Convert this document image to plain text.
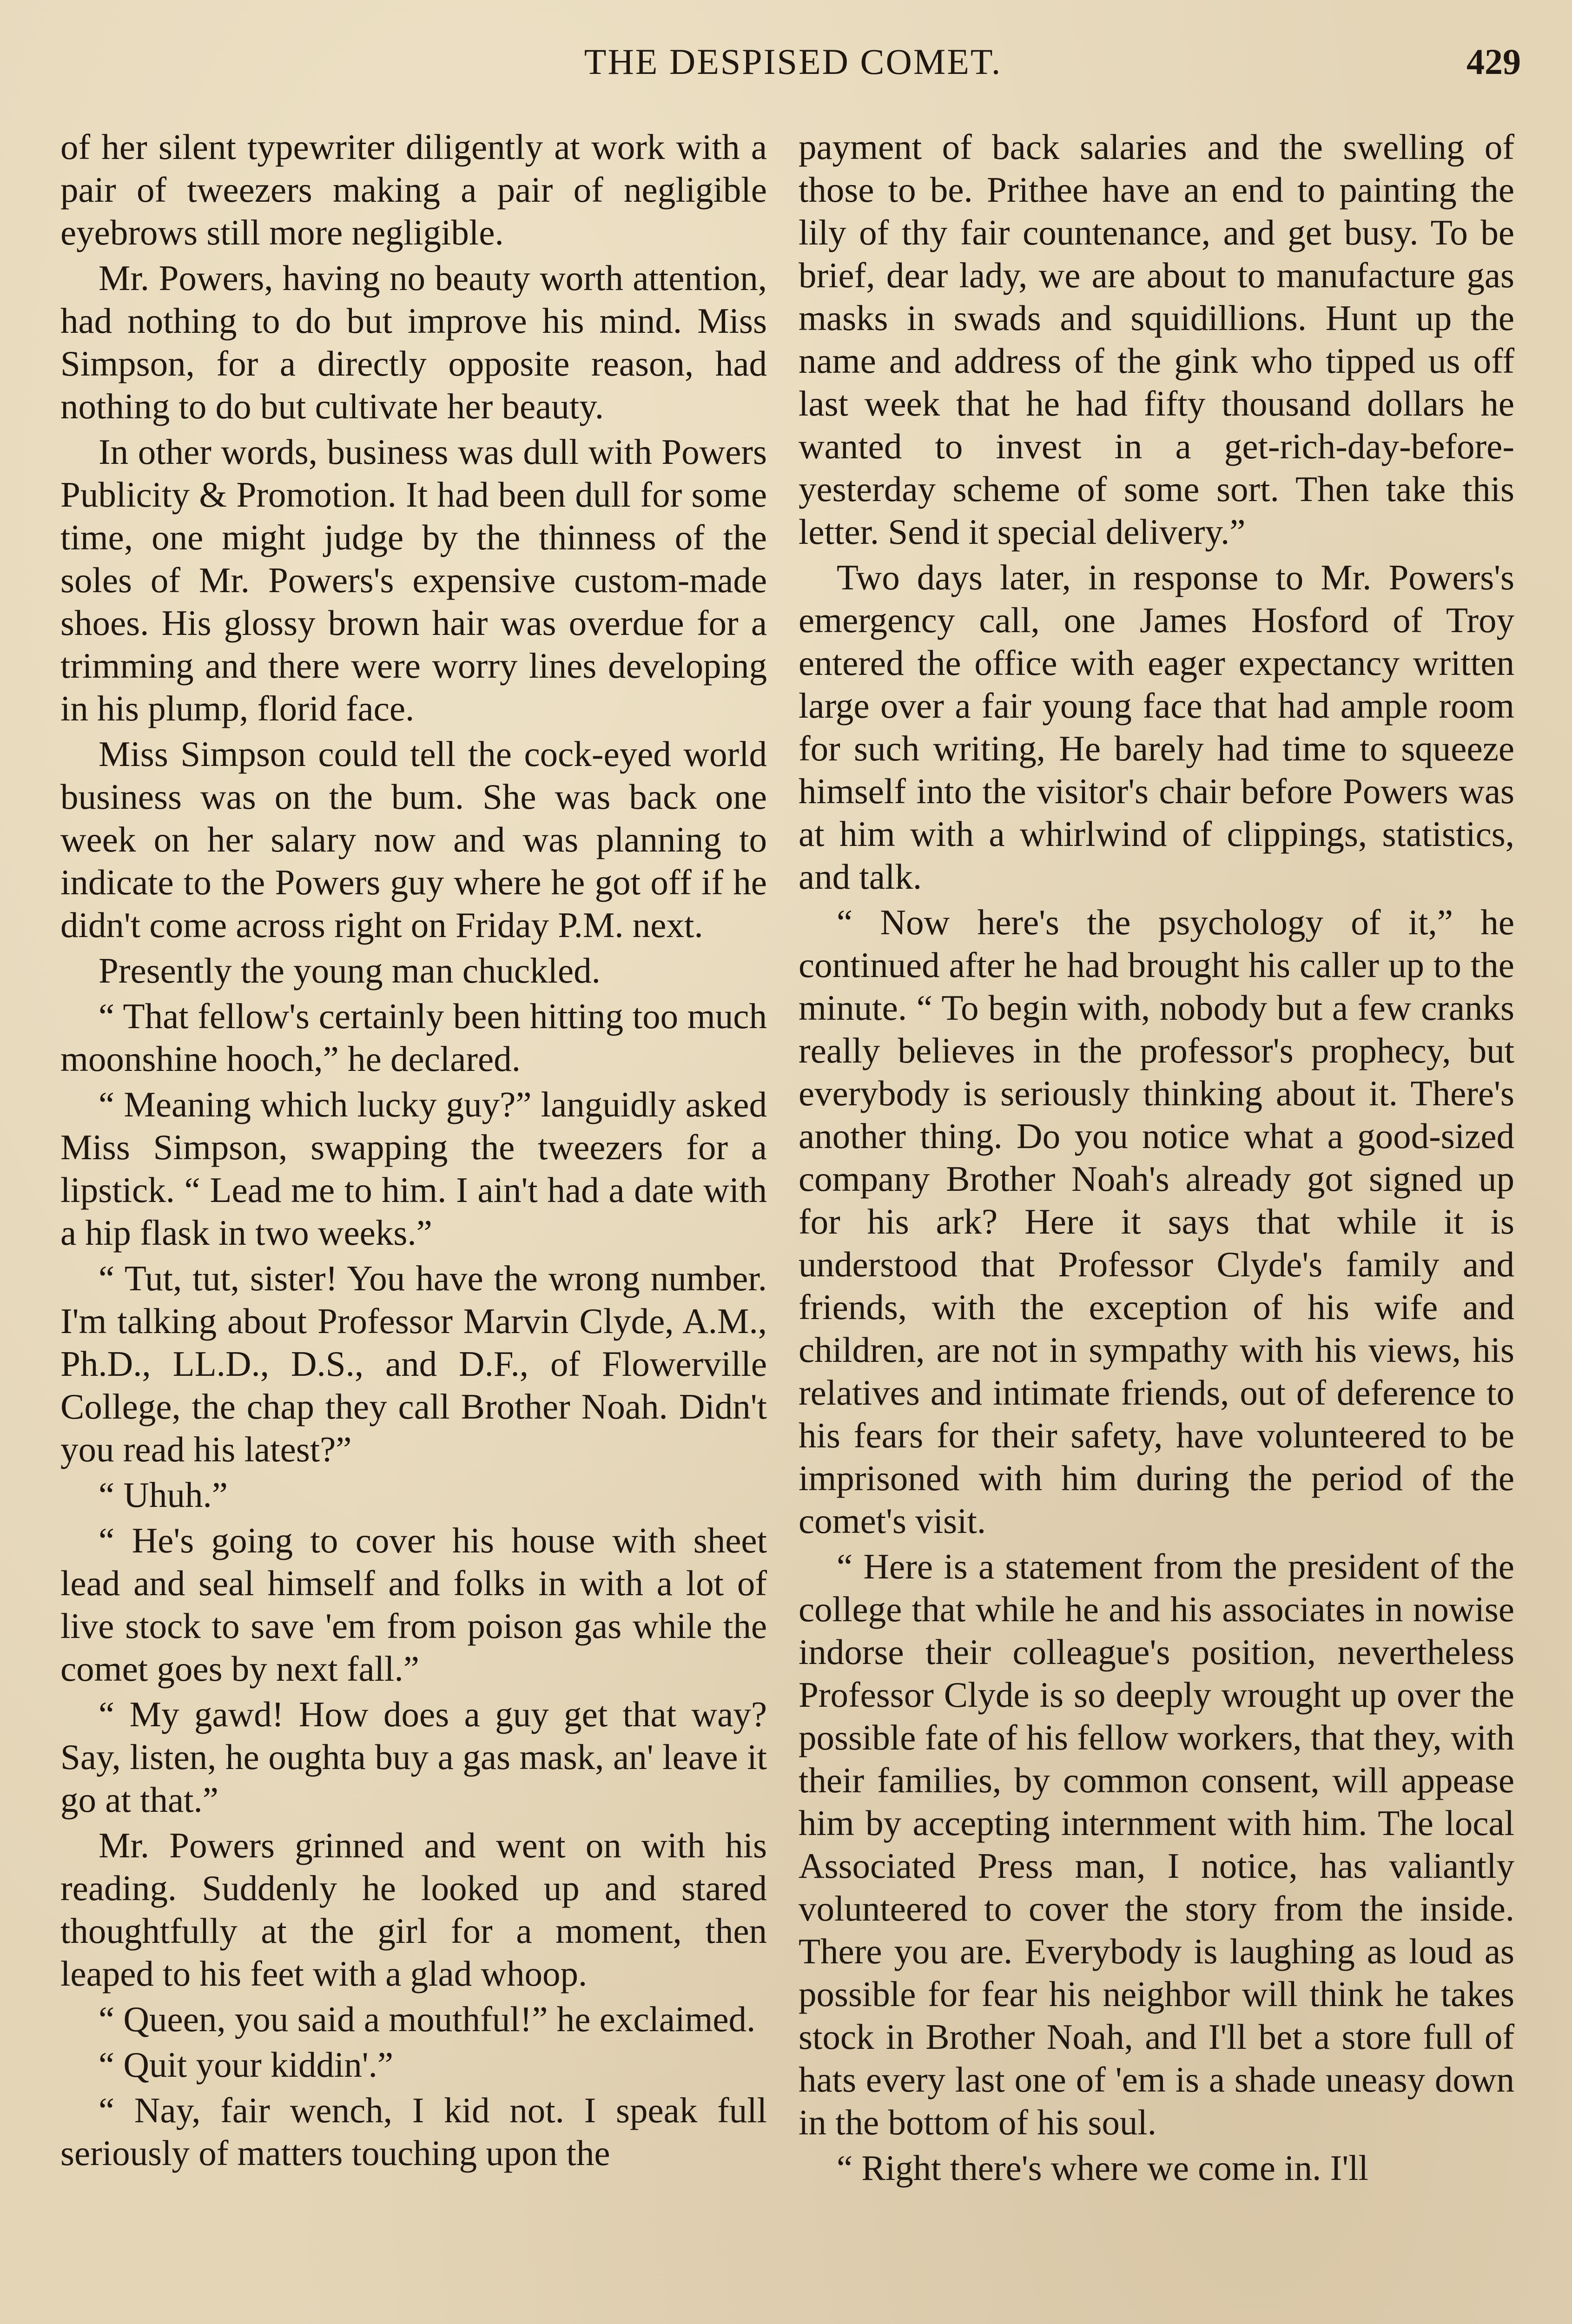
THE DESPISED COMET.	429

of her silent typewriter diligently at work with a pair of tweezers making a pair of negligible eyebrows still more negligible.

Mr. Powers, having no beauty worth attention, had nothing to do but improve his mind. Miss Simpson, for a directly opposite reason, had nothing to do but cultivate her beauty.

In other words, business was dull with Powers Publicity & Promotion. It had been dull for some time, one might judge by the thinness of the soles of Mr. Powers's expensive custom-made shoes. His glossy brown hair was overdue for a trimming and there were worry lines developing in his plump, florid face.

Miss Simpson could tell the cock-eyed world business was on the bum. She was back one week on her salary now and was planning to indicate to the Powers guy where he got off if he didn't come across right on Friday P.M. next.

Presently the young man chuckled.

“ That fellow's certainly been hitting too much moonshine hooch,” he declared.

“ Meaning which lucky guy?” languidly asked Miss Simpson, swapping the tweezers for a lipstick. “ Lead me to him. I ain't had a date with a hip flask in two weeks.”

“ Tut, tut, sister! You have the wrong number. I'm talking about Professor Marvin Clyde, A.M., Ph.D., LL.D., D.S., and D.F., of Flowerville College, the chap they call Brother Noah. Didn't you read his latest?”

“ Uhuh.”

“ He's going to cover his house with sheet lead and seal himself and folks in with a lot of live stock to save 'em from poison gas while the comet goes by next fall.”

“ My gawd! How does a guy get that way? Say, listen, he oughta buy a gas mask, an' leave it go at that.”

Mr. Powers grinned and went on with his reading. Suddenly he looked up and stared thoughtfully at the girl for a moment, then leaped to his feet with a glad whoop.

“ Queen, you said a mouthful!” he exclaimed.

“ Quit your kiddin'.”

“ Nay, fair wench, I kid not. I speak full seriously of matters touching upon the

payment of back salaries and the swelling of those to be. Prithee have an end to painting the lily of thy fair countenance, and get busy. To be brief, dear lady, we are about to manufacture gas masks in swads and squidillions. Hunt up the name and address of the gink who tipped us off last week that he had fifty thousand dollars he wanted to invest in a get-rich-day-before-yesterday scheme of some sort. Then take this letter. Send it special delivery.”

Two days later, in response to Mr. Powers's emergency call, one James Hosford of Troy entered the office with eager expectancy written large over a fair young face that had ample room for such writing, He barely had time to squeeze himself into the visitor's chair before Powers was at him with a whirlwind of clippings, statistics, and talk.

“ Now here's the psychology of it,” he continued after he had brought his caller up to the minute. “ To begin with, nobody but a few cranks really believes in the professor's prophecy, but everybody is seriously thinking about it. There's another thing. Do you notice what a good-sized company Brother Noah's already got signed up for his ark? Here it says that while it is understood that Professor Clyde's family and friends, with the exception of his wife and children, are not in sympathy with his views, his relatives and intimate friends, out of deference to his fears for their safety, have volunteered to be imprisoned with him during the period of the comet's visit.

“ Here is a statement from the president of the college that while he and his associates in nowise indorse their colleague's position, nevertheless Professor Clyde is so deeply wrought up over the possible fate of his fellow workers, that they, with their families, by common consent, will appease him by accepting internment with him. The local Associated Press man, I notice, has valiantly volunteered to cover the story from the inside. There you are. Everybody is laughing as loud as possible for fear his neighbor will think he takes stock in Brother Noah, and I'll bet a store full of hats every last one of 'em is a shade uneasy down in the bottom of his soul.

“ Right there's where we come in. I'll
